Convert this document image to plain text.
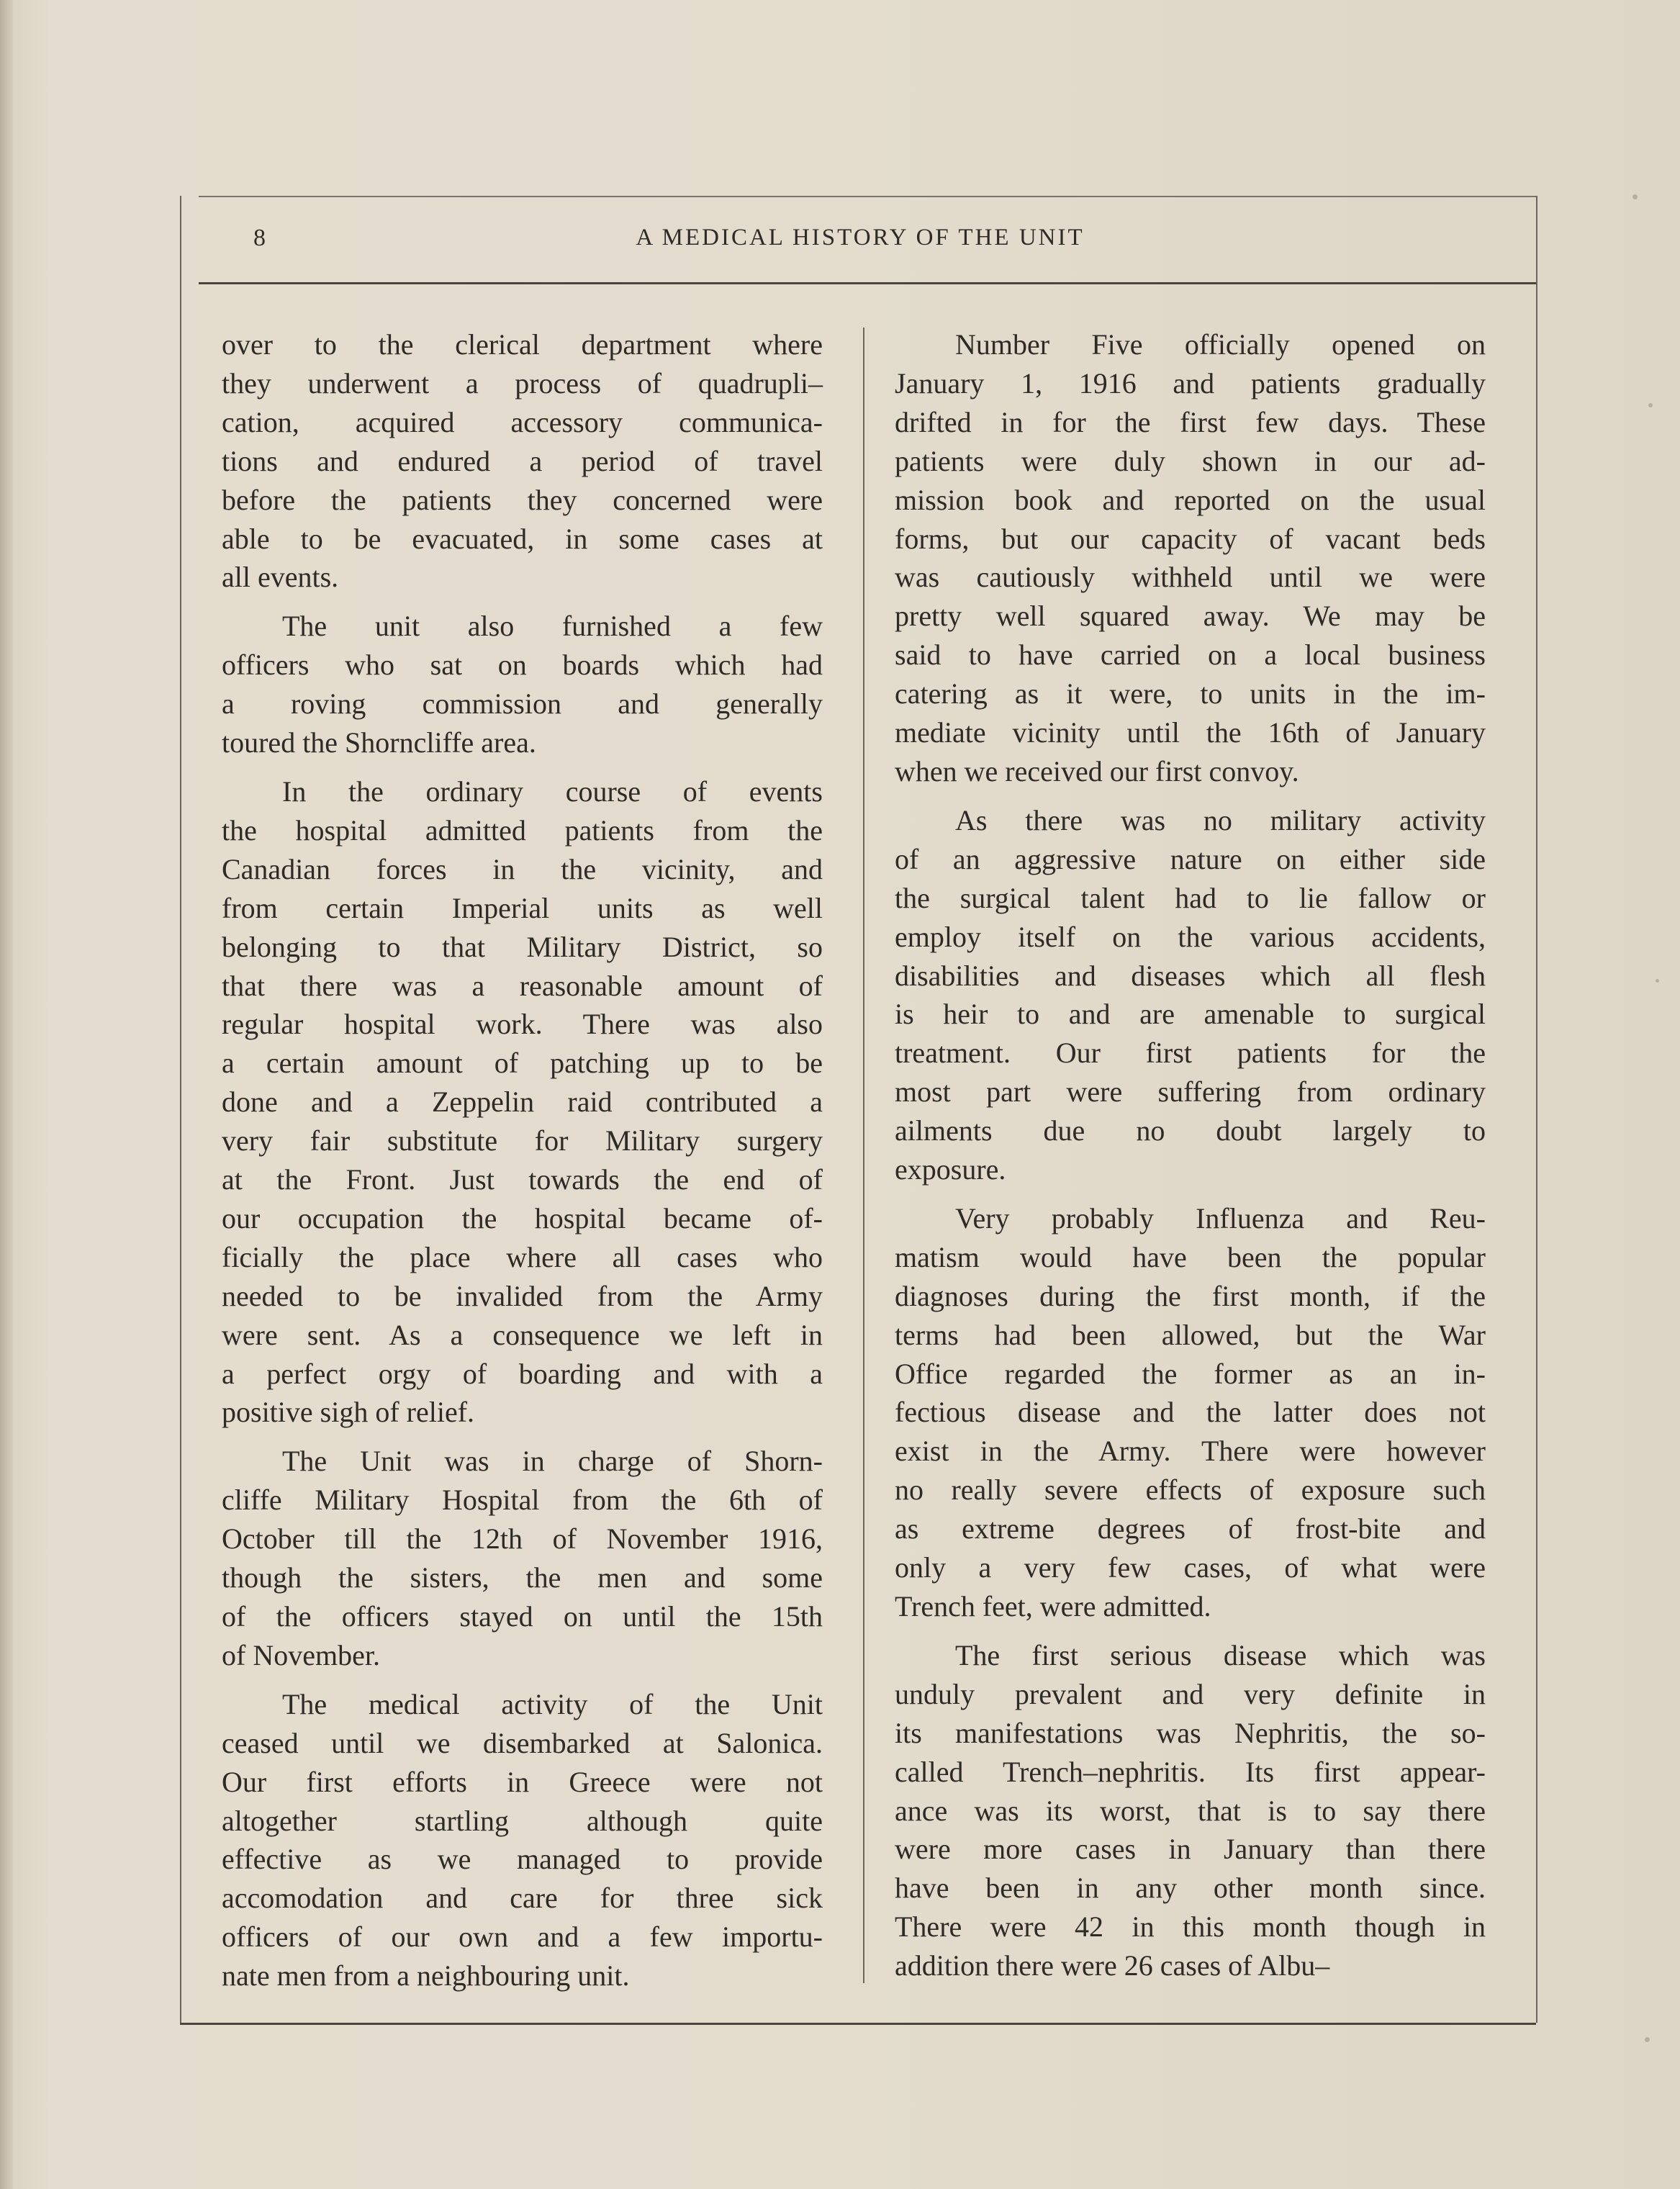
8	A MEDICAL HISTORY OF THE UNIT

over to the clerical department where
they underwent a process of quadrupli–
cation, acquired accessory communica-
tions and endured a period of travel
before the patients they concerned were
able to be evacuated, in some cases at
all events.

The unit also furnished a few
officers who sat on boards which had
a roving commission and generally
toured the Shorncliffe area.

In the ordinary course of events
the hospital admitted patients from the
Canadian forces in the vicinity, and
from certain Imperial units as well
belonging to that Military District, so
that there was a reasonable amount of
regular hospital work. There was also
a certain amount of patching up to be
done and a Zeppelin raid contributed a
very fair substitute for Military surgery
at the Front. Just towards the end of
our occupation the hospital became of-
ficially the place where all cases who
needed to be invalided from the Army
were sent. As a consequence we left in
a perfect orgy of boarding and with a
positive sigh of relief.

The Unit was in charge of Shorn-
cliffe Military Hospital from the 6th of
October till the 12th of November 1916,
though the sisters, the men and some
of the officers stayed on until the 15th
of November.

The medical activity of the Unit
ceased until we disembarked at Salonica.
Our first efforts in Greece were not
altogether startling although quite
effective as we managed to provide
accomodation and care for three sick
officers of our own and a few importu-
nate men from a neighbouring unit.

Number Five officially opened on
January 1, 1916 and patients gradually
drifted in for the first few days. These
patients were duly shown in our ad-
mission book and reported on the usual
forms, but our capacity of vacant beds
was cautiously withheld until we were
pretty well squared away. We may be
said to have carried on a local business
catering as it were, to units in the im-
mediate vicinity until the 16th of January
when we received our first convoy.

As there was no military activity
of an aggressive nature on either side
the surgical talent had to lie fallow or
employ itself on the various accidents,
disabilities and diseases which all flesh
is heir to and are amenable to surgical
treatment. Our first patients for the
most part were suffering from ordinary
ailments due no doubt largely to
exposure.

Very probably Influenza and Reu-
matism would have been the popular
diagnoses during the first month, if the
terms had been allowed, but the War
Office regarded the former as an in-
fectious disease and the latter does not
exist in the Army. There were however
no really severe effects of exposure such
as extreme degrees of frost-bite and
only a very few cases, of what were
Trench feet, were admitted.

The first serious disease which was
unduly prevalent and very definite in
its manifestations was Nephritis, the so-
called Trench–nephritis. Its first appear-
ance was its worst, that is to say there
were more cases in January than there
have been in any other month since.
There were 42 in this month though in
addition there were 26 cases of Albu–
